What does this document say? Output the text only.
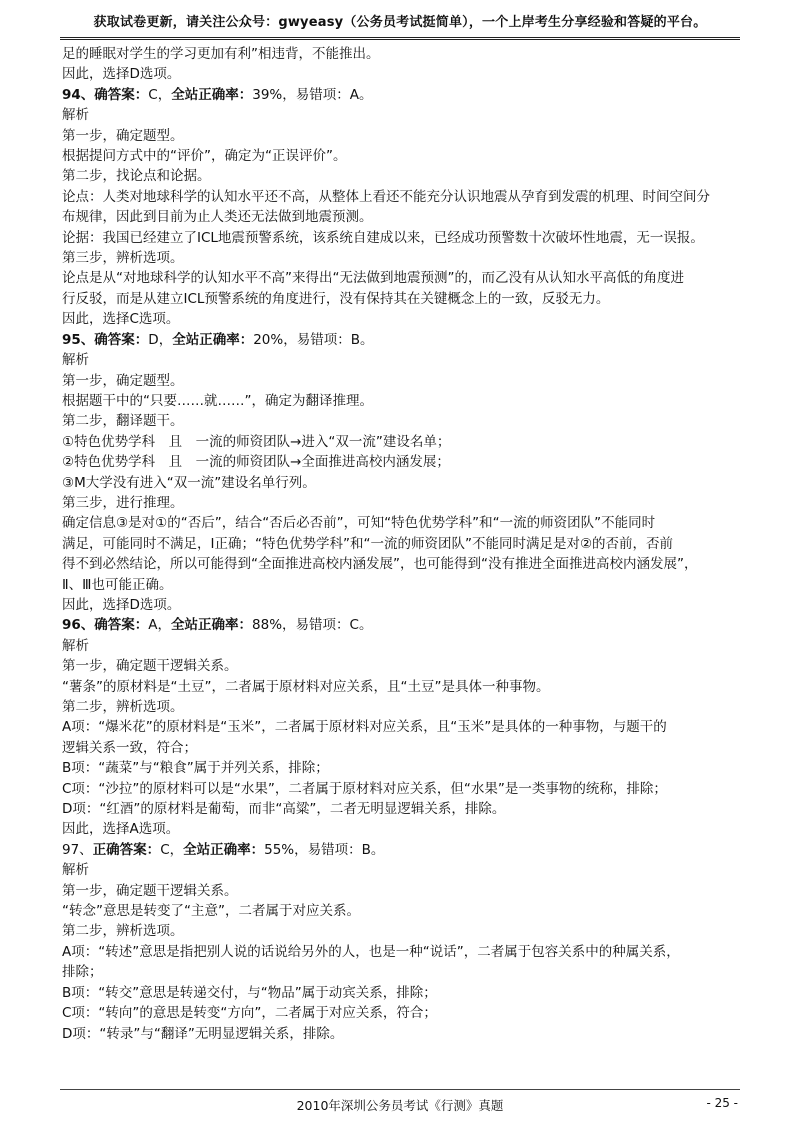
获取试卷更新，请关注公众号：gwyeasy（公务员考试挺简单），一个上岸考生分享经验和答疑的平台。

足的睡眠对学生的学习更加有利”相违背，不能推出。

因此，选择D选项。

94、确答案：C，全站正确率：39%，易错项：A。

解析

第一步，确定题型。

根据提问方式中的“评价”，确定为“正误评价”。

第二步，找论点和论据。

论点：人类对地球科学的认知水平还不高，从整体上看还不能充分认识地震从孕育到发震的机理、时间空间分

布规律，因此到目前为止人类还无法做到地震预测。

论据：我国已经建立了ICL地震预警系统，该系统自建成以来，已经成功预警数十次破坏性地震，无一误报。

第三步，辨析选项。

论点是从“对地球科学的认知水平不高”来得出“无法做到地震预测”的，而乙没有从认知水平高低的角度进

行反驳，而是从建立ICL预警系统的角度进行，没有保持其在关键概念上的一致，反驳无力。

因此，选择C选项。

95、确答案：D，全站正确率：20%，易错项：B。

解析

第一步，确定题型。

根据题干中的“只要……就……”，确定为翻译推理。

第二步，翻译题干。

①特色优势学科　且　一流的师资团队→进入“双一流”建设名单；

②特色优势学科　且　一流的师资团队→全面推进高校内涵发展；

③M大学没有进入“双一流”建设名单行列。

第三步，进行推理。

确定信息③是对①的“否后”，结合“否后必否前”，可知“特色优势学科”和“一流的师资团队”不能同时

满足，可能同时不满足，Ⅰ正确；“特色优势学科”和“一流的师资团队”不能同时满足是对②的否前，否前

得不到必然结论，所以可能得到“全面推进高校内涵发展”，也可能得到“没有推进全面推进高校内涵发展”，

Ⅱ、Ⅲ也可能正确。

因此，选择D选项。

96、确答案：A，全站正确率：88%，易错项：C。

解析

第一步，确定题干逻辑关系。

“薯条”的原材料是“土豆”，二者属于原材料对应关系，且“土豆”是具体一种事物。

第二步，辨析选项。

A项：“爆米花”的原材料是“玉米”，二者属于原材料对应关系，且“玉米”是具体的一种事物，与题干的

逻辑关系一致，符合；

B项：“蔬菜”与“粮食”属于并列关系，排除；

C项：“沙拉”的原材料可以是“水果”，二者属于原材料对应关系，但“水果”是一类事物的统称，排除；

D项：“红酒”的原材料是葡萄，而非“高粱”，二者无明显逻辑关系，排除。

因此，选择A选项。

97、正确答案：C，全站正确率：55%，易错项：B。

解析

第一步，确定题干逻辑关系。

“转念”意思是转变了“主意”，二者属于对应关系。

第二步，辨析选项。

A项：“转述”意思是指把别人说的话说给另外的人，也是一种“说话”，二者属于包容关系中的种属关系，

排除；

B项：“转交”意思是转递交付，与“物品”属于动宾关系，排除；

C项：“转向”的意思是转变“方向”，二者属于对应关系，符合；

D项：“转录”与“翻译”无明显逻辑关系，排除。

2010年深圳公务员考试《行测》真题	- 25 -
